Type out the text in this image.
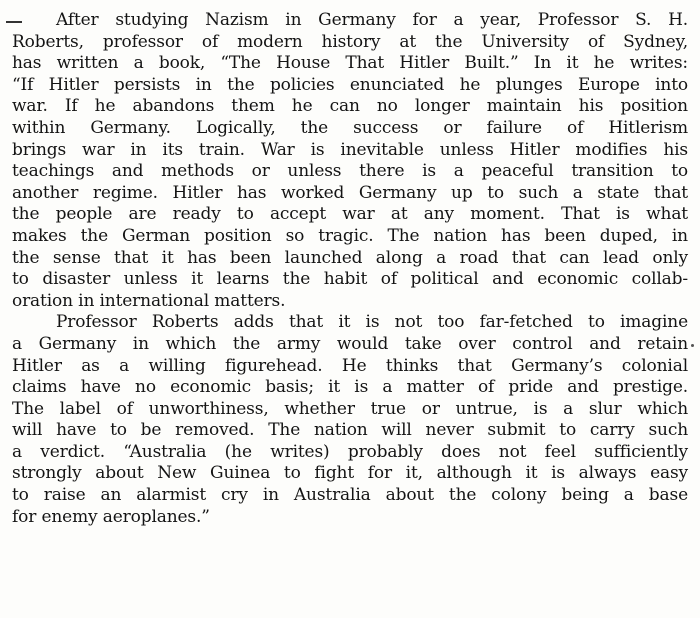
After studying Nazism in Germany for a year, Professor S. H.
Roberts, professor of modern history at the University of Sydney,
has written a book, “The House That Hitler Built.” In it he writes:
“If Hitler persists in the policies enunciated he plunges Europe into
war. If he abandons them he can no longer maintain his position
within Germany. Logically, the success or failure of Hitlerism
brings war in its train. War is inevitable unless Hitler modifies his
teachings and methods or unless there is a peaceful transition to
another regime. Hitler has worked Germany up to such a state that
the people are ready to accept war at any moment. That is what
makes the German position so tragic. The nation has been duped, in
the sense that it has been launched along a road that can lead only
to disaster unless it learns the habit of political and economic collab-
oration in international matters.
Professor Roberts adds that it is not too far-fetched to imagine
a Germany in which the army would take over control and retain
Hitler as a willing figurehead. He thinks that Germany’s colonial
claims have no economic basis; it is a matter of pride and prestige.
The label of unworthiness, whether true or untrue, is a slur which
will have to be removed. The nation will never submit to carry such
a verdict. “Australia (he writes) probably does not feel sufficiently
strongly about New Guinea to fight for it, although it is always easy
to raise an alarmist cry in Australia about the colony being a base
for enemy aeroplanes.”
